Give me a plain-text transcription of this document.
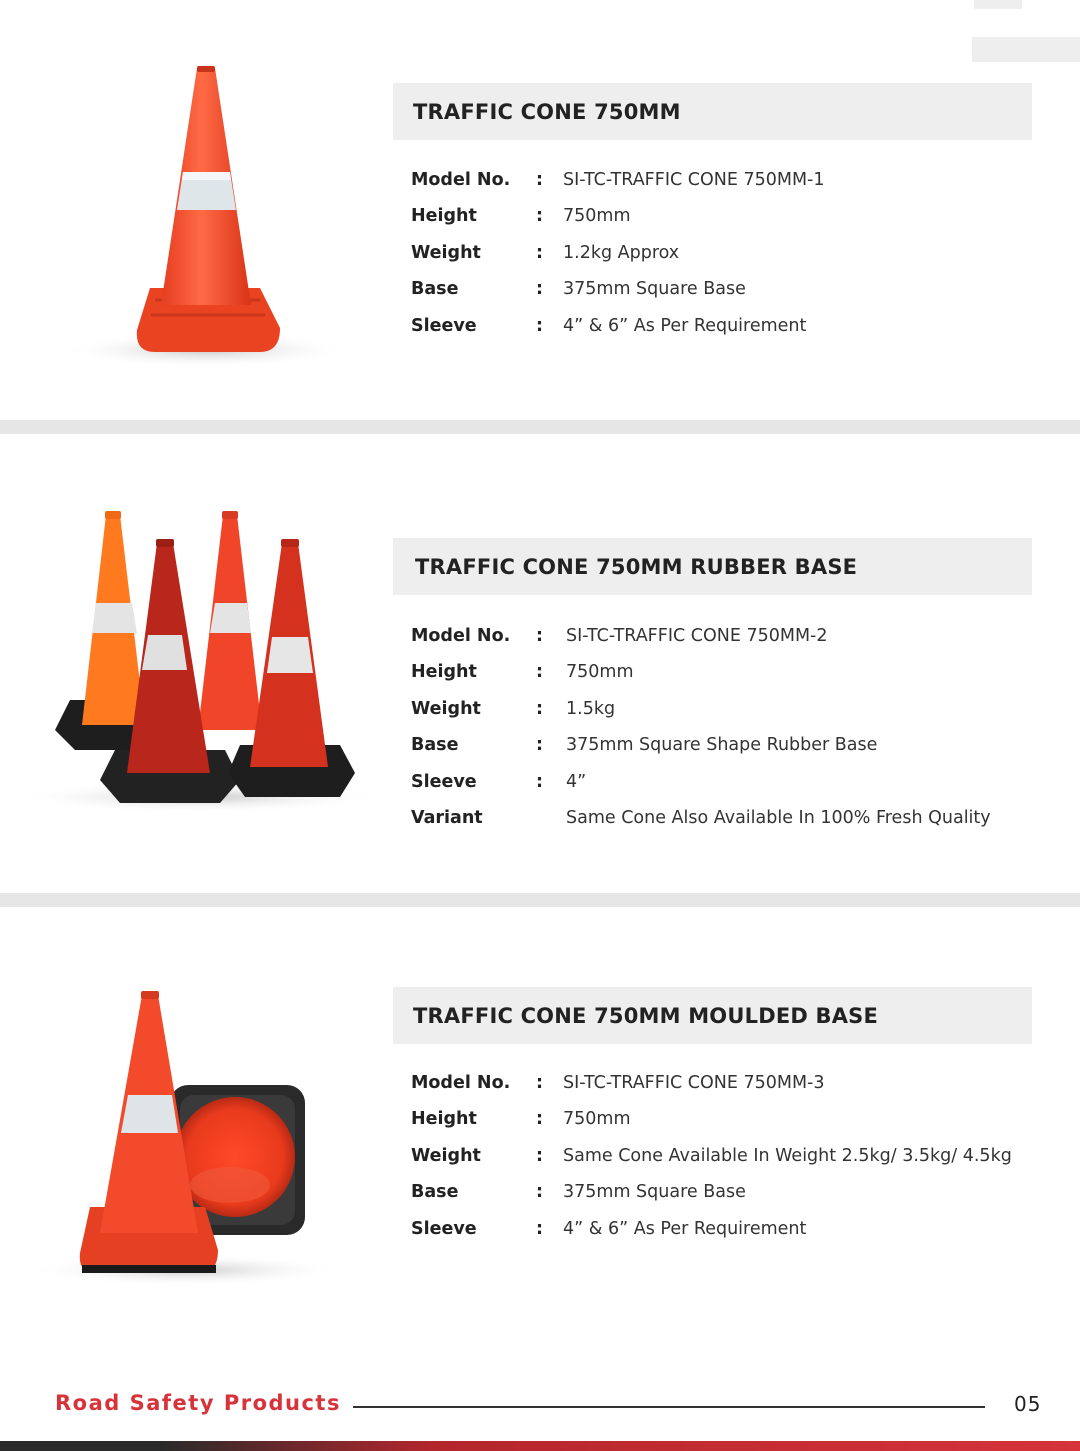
TRAFFIC CONE 750MM
Model No. : SI-TC-TRAFFIC CONE 750MM-1
Height	: 750mm
Weight	: 1.2kg Approx
Base	: 375mm Square Base
Sleeve	: 4” & 6” As Per Requirement
TRAFFIC CONE 750MM RUBBER BASE
Model No. : SI-TC-TRAFFIC CONE 750MM-2
Height	: 750mm
Weight	: 1.5kg
Base	: 375mm Square Shape Rubber Base
Sleeve	: 4”
Variant	Same Cone Also Available In 100% Fresh Quality
TRAFFIC CONE 750MM MOULDED BASE
Model No. : SI-TC-TRAFFIC CONE 750MM-3
Height	: 750mm
Weight	: Same Cone Available In Weight 2.5kg/ 3.5kg/ 4.5kg
Base	: 375mm Square Base
Sleeve	: 4” & 6” As Per Requirement
Road Safety Products	05
